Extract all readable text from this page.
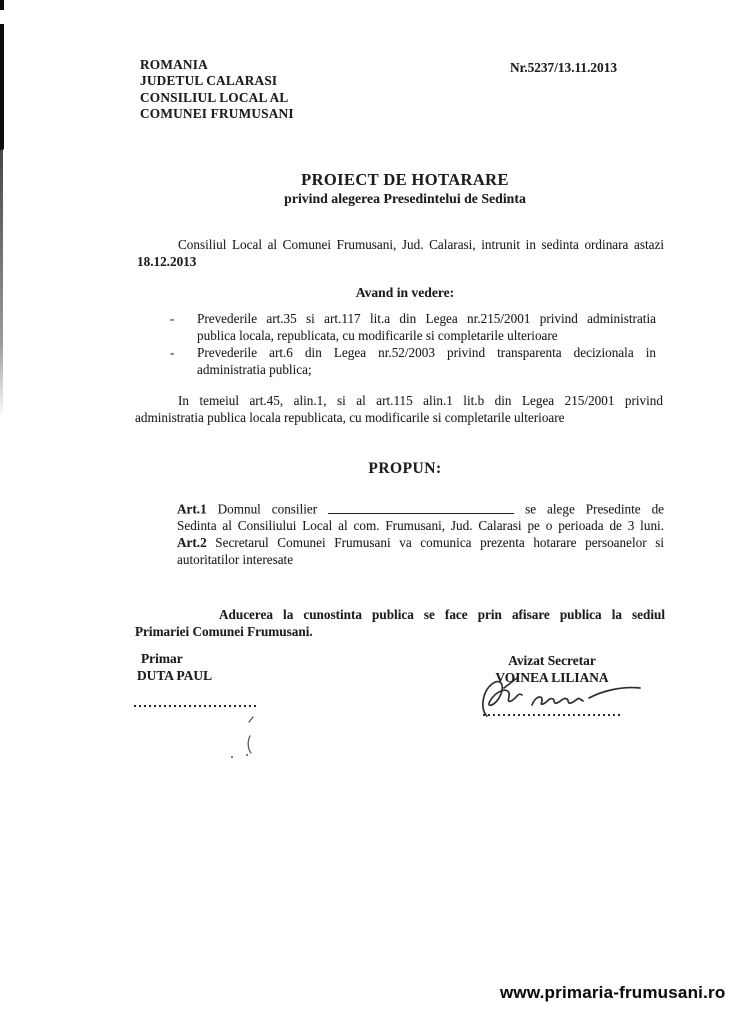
ROMANIA
JUDETUL CALARASI
CONSILIUL LOCAL AL
COMUNEI FRUMUSANI
Nr.5237/13.11.2013
PROIECT DE HOTARARE
privind alegerea Presedintelui de Sedinta
Consiliul Local al Comunei Frumusani, Jud. Calarasi, intrunit in sedinta ordinara astazi
18.12.2013
Avand in vedere:
-	Prevederile art.35 si art.117 lit.a din Legea nr.215/2001 privind administratia
publica locala, republicata, cu modificarile si completarile ulterioare
-	Prevederile art.6 din Legea nr.52/2003 privind transparenta decizionala in
administratia publica;
In temeiul art.45, alin.1, si al art.115 alin.1 lit.b din Legea 215/2001 privind
administratia publica locala republicata, cu modificarile si completarile ulterioare
PROPUN:
Art.1 Domnul consilier	se alege Presedinte de
Sedinta al Consiliului Local al com. Frumusani, Jud. Calarasi pe o perioada de 3 luni.
Art.2 Secretarul Comunei Frumusani va comunica prezenta hotarare persoanelor si
autoritatilor interesate
Aducerea la cunostinta publica se face prin afisare publica la sediul
Primariei Comunei Frumusani.
Primar
DUTA PAUL
Avizat Secretar
VOINEA LILIANA
www.primaria-frumusani.ro
